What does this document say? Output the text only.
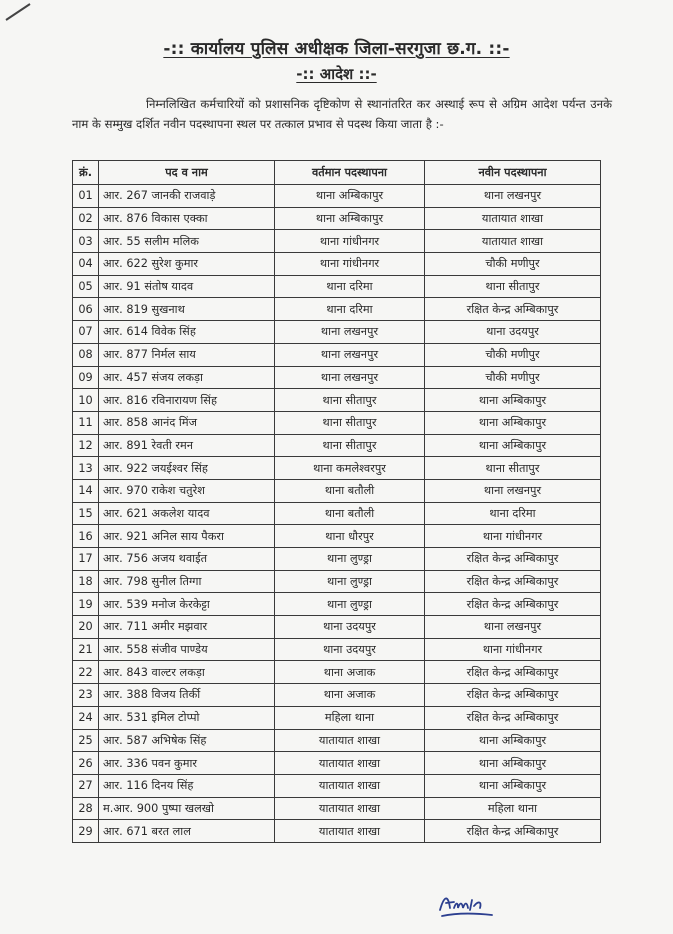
-:: कार्यालय पुलिस अधीक्षक जिला-सरगुजा छ.ग. ::-
-:: आदेश ::-
निम्नलिखित कर्मचारियों को प्रशासनिक दृष्टिकोण से स्थानांतरित कर अस्थाई रूप से अग्रिम आदेश पर्यन्त उनके नाम के सम्मुख दर्शित नवीन पदस्थापना स्थल पर तत्काल प्रभाव से पदस्थ किया जाता है :-
क्रं.	पद व नाम	वर्तमान पदस्थापना	नवीन पदस्थापना
01	आर. 267 जानकी राजवाड़े	थाना अम्बिकापुर	थाना लखनपुर
02	आर. 876 विकास एक्का	थाना अम्बिकापुर	यातायात शाखा
03	आर. 55 सलीम मलिक	थाना गांधीनगर	यातायात शाखा
04	आर. 622 सुरेश कुमार	थाना गांधीनगर	चौकी मणीपुर
05	आर. 91 संतोष यादव	थाना दरिमा	थाना सीतापुर
06	आर. 819 सुखनाथ	थाना दरिमा	रक्षित केन्द्र अम्बिकापुर
07	आर. 614 विवेक सिंह	थाना लखनपुर	थाना उदयपुर
08	आर. 877 निर्मल साय	थाना लखनपुर	चौकी मणीपुर
09	आर. 457 संजय लकड़ा	थाना लखनपुर	चौकी मणीपुर
10	आर. 816 रविनारायण सिंह	थाना सीतापुर	थाना अम्बिकापुर
11	आर. 858 आनंद मिंज	थाना सीतापुर	थाना अम्बिकापुर
12	आर. 891 रेवती रमन	थाना सीतापुर	थाना अम्बिकापुर
13	आर. 922 जयईश्वर सिंह	थाना कमलेश्वरपुर	थाना सीतापुर
14	आर. 970 राकेश चतुरेश	थाना बतौली	थाना लखनपुर
15	आर. 621 अकलेश यादव	थाना बतौली	थाना दरिमा
16	आर. 921 अनिल साय पैकरा	थाना धौरपुर	थाना गांधीनगर
17	आर. 756 अजय थवाईत	थाना लुण्ड्रा	रक्षित केन्द्र अम्बिकापुर
18	आर. 798 सुनील तिग्गा	थाना लुण्ड्रा	रक्षित केन्द्र अम्बिकापुर
19	आर. 539 मनोज केरकेट्टा	थाना लुण्ड्रा	रक्षित केन्द्र अम्बिकापुर
20	आर. 711 अमीर मझवार	थाना उदयपुर	थाना लखनपुर
21	आर. 558 संजीव पाण्डेय	थाना उदयपुर	थाना गांधीनगर
22	आर. 843 वाल्टर लकड़ा	थाना अजाक	रक्षित केन्द्र अम्बिकापुर
23	आर. 388 विजय तिर्की	थाना अजाक	रक्षित केन्द्र अम्बिकापुर
24	आर. 531 इमिल टोप्पो	महिला थाना	रक्षित केन्द्र अम्बिकापुर
25	आर. 587 अभिषेक सिंह	यातायात शाखा	थाना अम्बिकापुर
26	आर. 336 पवन कुमार	यातायात शाखा	थाना अम्बिकापुर
27	आर. 116 दिनय सिंह	यातायात शाखा	थाना अम्बिकापुर
28	म.आर. 900 पुष्पा खलखो	यातायात शाखा	महिला थाना
29	आर. 671 बरत लाल	यातायात शाखा	रक्षित केन्द्र अम्बिकापुर
